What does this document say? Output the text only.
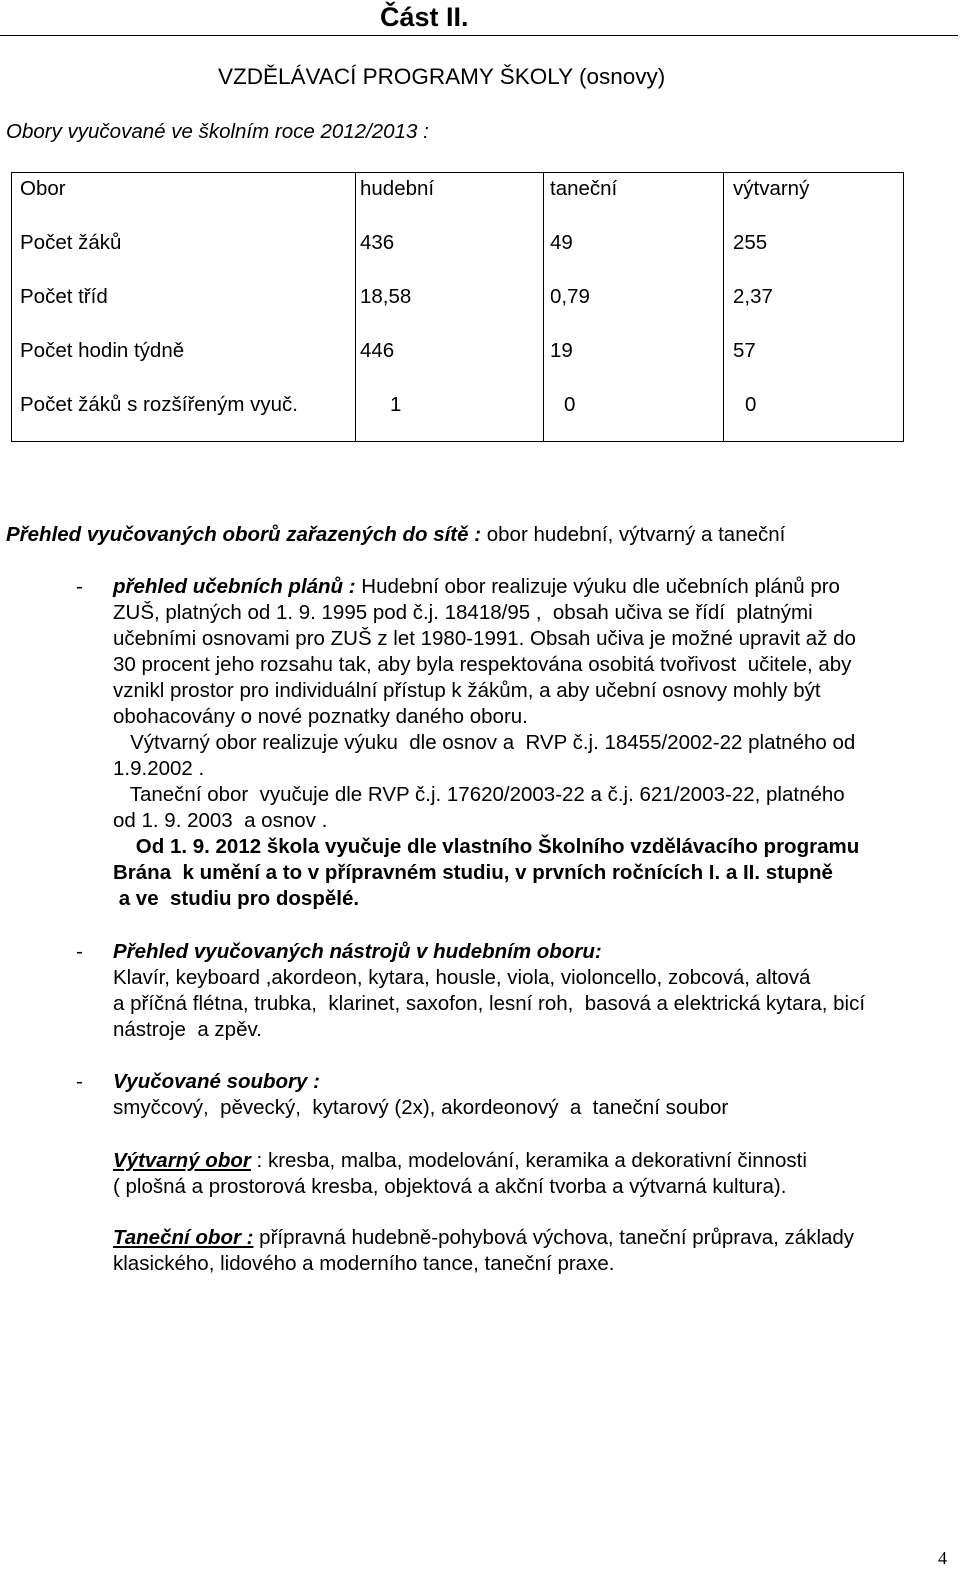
Část II.
VZDĚLÁVACÍ PROGRAMY ŠKOLY (osnovy)
Obory vyučované ve školním roce 2012/2013 :
Obor	hudební	taneční	výtvarný
Počet žáků	436	49	255
Počet tříd	18,58	0,79	2,37
Počet hodin týdně	446	19	57
Počet žáků s rozšířeným vyuč.	1	0	0
Přehled vyučovaných oborů zařazených do sítě : obor hudební, výtvarný a taneční
- přehled učebních plánů : Hudební obor realizuje výuku dle učebních plánů pro
ZUŠ, platných od 1. 9. 1995 pod č.j. 18418/95 ,  obsah učiva se řídí  platnými
učebními osnovami pro ZUŠ z let 1980-1991. Obsah učiva je možné upravit až do
30 procent jeho rozsahu tak, aby byla respektována osobitá tvořivost  učitele, aby
vznikl prostor pro individuální přístup k žákům, a aby učební osnovy mohly být
obohacovány o nové poznatky daného oboru.
Výtvarný obor realizuje výuku  dle osnov a  RVP č.j. 18455/2002-22 platného od
1.9.2002 .
Taneční obor  vyučuje dle RVP č.j. 17620/2003-22 a č.j. 621/2003-22, platného
od 1. 9. 2003  a osnov .
Od 1. 9. 2012 škola vyučuje dle vlastního Školního vzdělávacího programu
Brána  k umění a to v přípravném studiu, v prvních ročnících I. a II. stupně
a ve  studiu pro dospělé.
- Přehled vyučovaných nástrojů v hudebním oboru:
Klavír, keyboard ,akordeon, kytara, housle, viola, violoncello, zobcová, altová
a příčná flétna, trubka,  klarinet, saxofon, lesní roh,  basová a elektrická kytara, bicí
nástroje  a zpěv.
- Vyučované soubory :
smyčcový,  pěvecký,  kytarový (2x), akordeonový  a  taneční soubor
Výtvarný obor : kresba, malba, modelování, keramika a dekorativní činnosti
( plošná a prostorová kresba, objektová a akční tvorba a výtvarná kultura).
Taneční obor : přípravná hudebně-pohybová výchova, taneční průprava, základy
klasického, lidového a moderního tance, taneční praxe.
4
